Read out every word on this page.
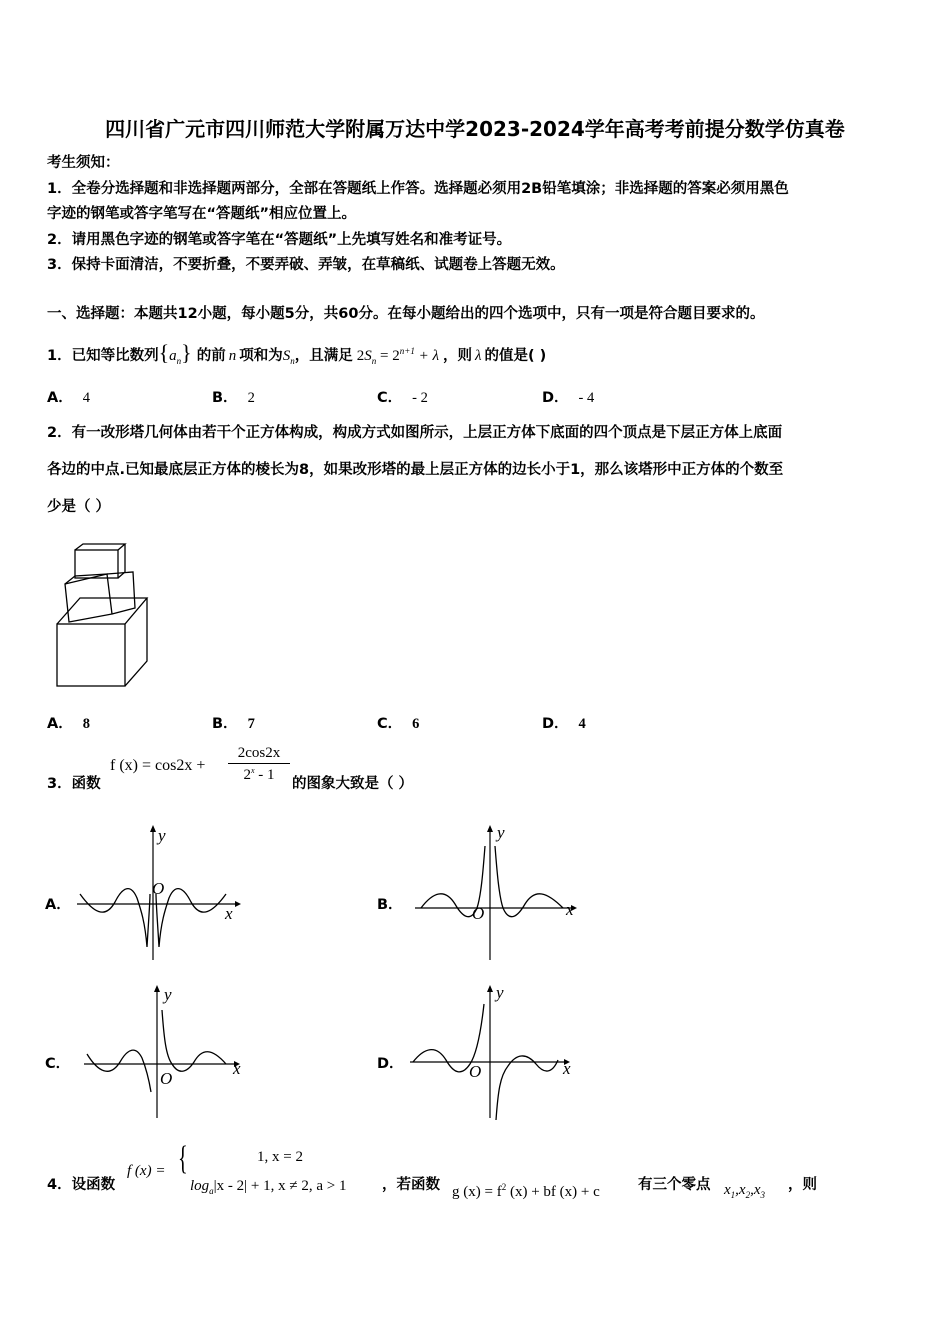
四川省广元市四川师范大学附属万达中学2023-2024学年高考考前提分数学仿真卷
考生须知：
1．全卷分选择题和非选择题两部分，全部在答题纸上作答。选择题必须用2B铅笔填涂；非选择题的答案必须用黑色
字迹的钢笔或答字笔写在“答题纸”相应位置上。
2．请用黑色字迹的钢笔或答字笔在“答题纸”上先填写姓名和准考证号。
3．保持卡面清洁，不要折叠，不要弄破、弄皱，在草稿纸、试题卷上答题无效。
一、选择题：本题共12小题，每小题5分，共60分。在每小题给出的四个选项中，只有一项是符合题目要求的。
1．已知等比数列$\{a_n\}$ 的前 n 项和为$S_n$，且满足 $2S_n = 2^{n+1} + \lambda$ ，则 λ 的值是( )
A． 4	B． 2	C． - 2	D． - 4
2．有一改形塔几何体由若干个正方体构成，构成方式如图所示，上层正方体下底面的四个顶点是下层正方体上底面
各边的中点.已知最底层正方体的棱长为8，如果改形塔的最上层正方体的边长小于1，那么该塔形中正方体的个数至
少是（ ）
A． 8	B． 7	C． 6	D． 4
3．函数
f (x) = cos2x +
2cos2x
2$^x$ - 1
的图象大致是（ ）
A．
y
x
O
B．
y
x
O
C．
y
x
O
D．
y
x
O
4．设函数
f (x) = {	1, x = 2
$\log_a|x - 2| + 1$, x ≠ 2, a > 1 ，若函数 g $(x) = f^2$ (x) + bf (x) + c	有三个零点 $x_1,x_2,x_3$
，则
